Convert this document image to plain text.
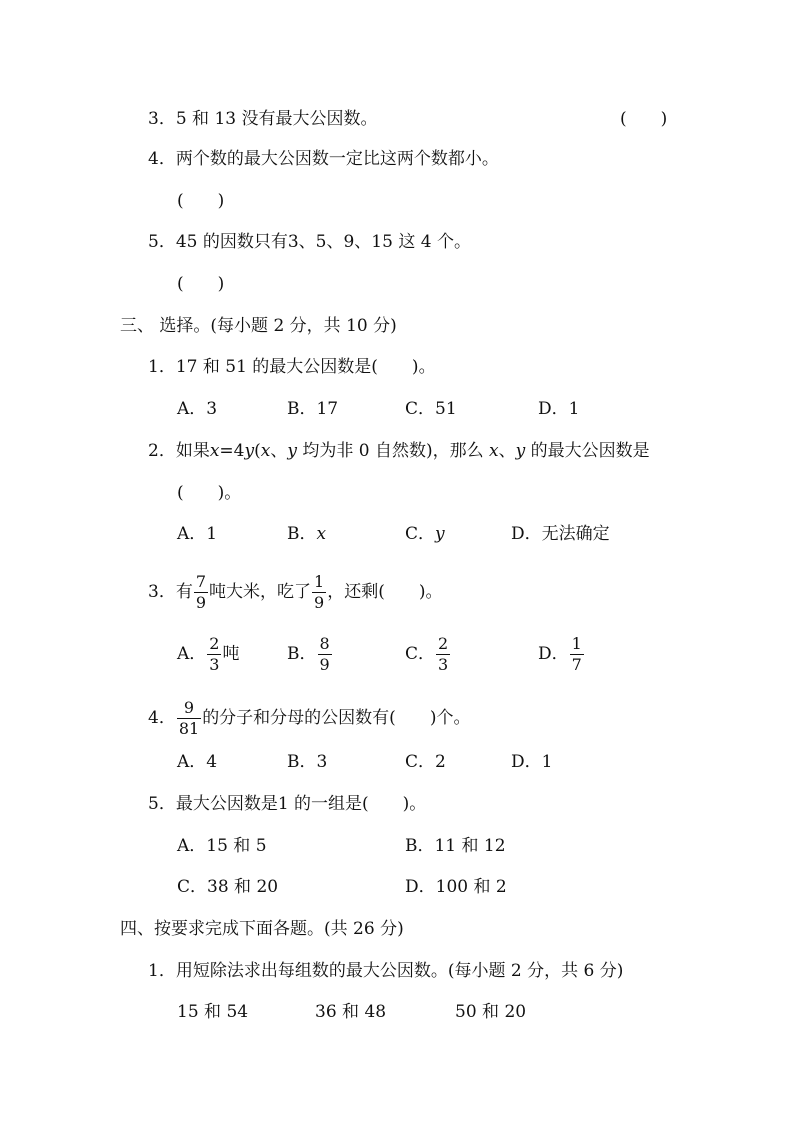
3．5 和 13 没有最大公因数。	(　　)
4．两个数的最大公因数一定比这两个数都小。
(　　)
5．45 的因数只有3、5、9、15 这 4 个。
(　　)
三、 选择。(每小题 2 分，共 10 分)
1．17 和 51 的最大公因数是(　　)。
A．3	B．17	C．51	D．1
2．如果x=4y(x、y 均为非 0 自然数)，那么 x、y 的最大公因数是
(　　)。
A．1	B．x	C．y	D．无法确定
3．有 $\frac{7}{9}$ 吨大米，吃了 $\frac{1}{9}$ ，还剩(　　)。
A． $\frac{2}{3}$ 吨	B． $\frac{8}{9}$	C． $\frac{2}{3}$	D． $\frac{1}{7}$
4． $\frac{9}{81}$ 的分子和分母的公因数有(　　)个。
A．4	B．3	C．2	D．1
5．最大公因数是1 的一组是(　　)。
A．15 和 5	B．11 和 12
C．38 和 20	D．100 和 2
四、按要求完成下面各题。(共 26 分)
1．用短除法求出每组数的最大公因数。(每小题 2 分，共 6 分)
15 和 54	36 和 48	50 和 20
